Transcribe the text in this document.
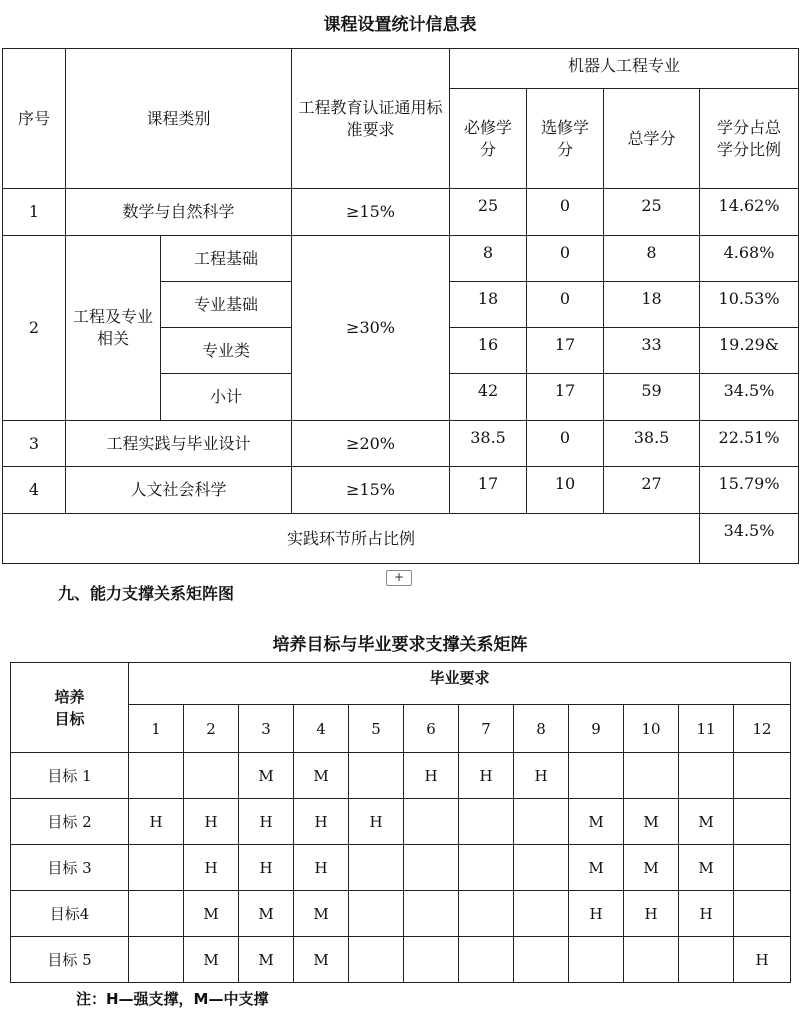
课程设置统计信息表
序号	课程类别		工程教育认证通用标准要求	机器人工程专业			
				必修学分	选修学分	总学分	学分占总学分比例
1	数学与自然科学		≥15%	25	0	25	14.62%
2	工程及专业相关	工程基础	≥30%	8	0	8	4.68%
		专业基础		18	0	18	10.53%
		专业类		16	17	33	19.29&
		小计		42	17	59	34.5%
3	工程实践与毕业设计		≥20%	38.5	0	38.5	22.51%
4	人文社会科学		≥15%	17	10	27	15.79%
实践环节所占比例							34.5%
+
九、能力支撑关系矩阵图
培养目标与毕业要求支撑关系矩阵
培养目标	毕业要求											
	1	2	3	4	5	6	7	8	9	10	11	12
目标 1			M	M		H	H	H				
目标 2	H	H	H	H	H				M	M	M	
目标 3		H	H	H					M	M	M	
目标4		M	M	M					H	H	H	
目标 5		M	M	M								H
注：H—强支撑，M—中支撑
